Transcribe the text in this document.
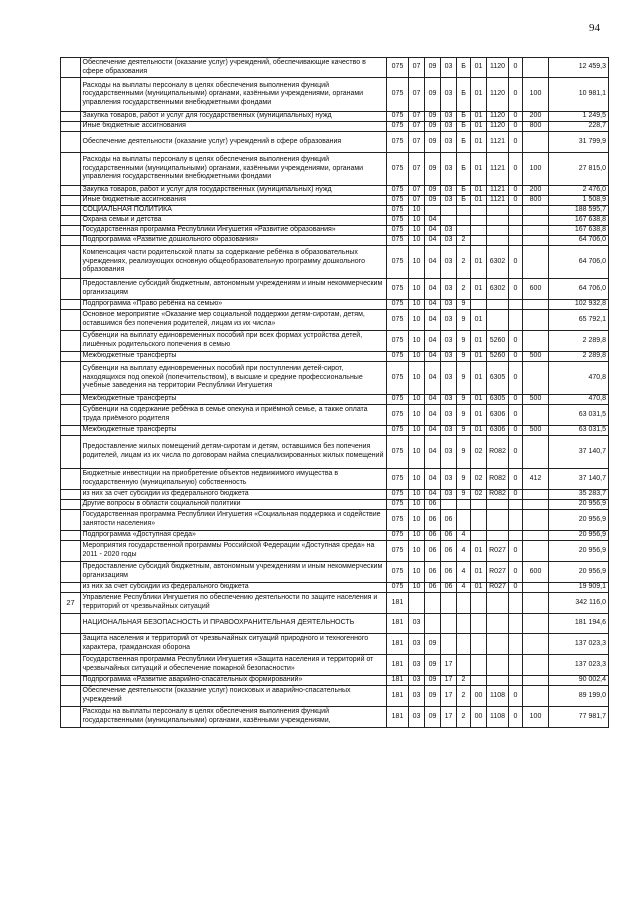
94
	Обеспечение деятельности (оказание услуг) учреждений, обеспечивающие качество в сфере образования	075	07	09	03	Б	01	1120	0		12 459,3
	Расходы на выплаты персоналу в целях обеспечения выполнения функций государственными (муниципальными) органами, казёнными учреждениями, органами управления государственными внебюджетными фондами	075	07	09	03	Б	01	1120	0	100	10 981,1
	Закупка товаров, работ и услуг для государственных (муниципальных) нужд	075	07	09	03	Б	01	1120	0	200	1 249,5
	Иные бюджетные ассигнования	075	07	09	03	Б	01	1120	0	800	228,7
	Обеспечение деятельности (оказание услуг) учреждений в сфере образования	075	07	09	03	Б	01	1121	0		31 799,9
	Расходы на выплаты персоналу в целях обеспечения выполнения функций государственными (муниципальными) органами, казёнными учреждениями, органами управления государственными внебюджетными фондами	075	07	09	03	Б	01	1121	0	100	27 815,0
	Закупка товаров, работ и услуг для государственных (муниципальных) нужд	075	07	09	03	Б	01	1121	0	200	2 476,0
	Иные бюджетные ассигнования	075	07	09	03	Б	01	1121	0	800	1 508,9
	СОЦИАЛЬНАЯ ПОЛИТИКА	075	10								188 595,7
	Охрана семьи и детства	075	10	04							167 638,8
	Государственная программа Республики Ингушетия «Развитие образования»	075	10	04	03						167 638,8
	Подпрограмма «Развитие дошкольного образования»	075	10	04	03	2					64 706,0
	Компенсация части родительской платы за содержание ребёнка в образовательных учреждениях, реализующих основную общеобразовательную программу дошкольного образования	075	10	04	03	2	01	6302	0		64 706,0
	Предоставление субсидий бюджетным, автономным учреждениям и иным некоммерческим организациям	075	10	04	03	2	01	6302	0	600	64 706,0
	Подпрограмма «Право ребёнка на семью»	075	10	04	03	9					102 932,8
	Основное мероприятие «Оказание мер социальной поддержки детям-сиротам, детям, оставшимся без попечения родителей, лицам из их числа»	075	10	04	03	9	01				65 792,1
	Субвенции на выплату единовременных пособий при всех формах устройства детей, лишённых родительского попечения в семью	075	10	04	03	9	01	5260	0		2 289,8
	Межбюджетные трансферты	075	10	04	03	9	01	5260	0	500	2 289,8
	Субвенции на выплату единовременных пособий при поступлении детей-сирот, находящихся под опекой (попечительством), в высшие и средние профессиональные учебные заведения на территории Республики Ингушетия	075	10	04	03	9	01	6305	0		470,8
	Межбюджетные трансферты	075	10	04	03	9	01	6305	0	500	470,8
	Субвенции на содержание ребёнка в семье опекуна и приёмной семье, а также оплата труда приёмного родителя	075	10	04	03	9	01	6306	0		63 031,5
	Межбюджетные трансферты	075	10	04	03	9	01	6306	0	500	63 031,5
	Предоставление жилых помещений детям-сиротам и детям, оставшимся без попечения родителей, лицам из их числа по договорам найма специализированных жилых помещений	075	10	04	03	9	02	R082	0		37 140,7
	Бюджетные инвестиции на приобретение объектов недвижимого имущества в государственную (муниципальную) собственность	075	10	04	03	9	02	R082	0	412	37 140,7
	из них за счет субсидии из федерального бюджета	075	10	04	03	9	02	R082	0		35 283,7
	Другие вопросы в области социальной политики	075	10	06							20 956,9
	Государственная программа Республики Ингушетия «Социальная поддержка и содействие занятости населения»	075	10	06	06						20 956,9
	Подпрограмма «Доступная среда»	075	10	06	06	4					20 956,9
	Мероприятия государственной программы Российской Федерации «Доступная среда» на 2011 - 2020 годы	075	10	06	06	4	01	R027	0		20 956,9
	Предоставление субсидий бюджетным, автономным учреждениям и иным некоммерческим организациям	075	10	06	06	4	01	R027	0	600	20 956,9
	из них за счет субсидии из федерального бюджета	075	10	06	06	4	01	R027	0		19 909,1
27	Управление Республики Ингушетия по обеспечению деятельности по защите населения и территорий от чрезвычайных ситуаций	181									342 116,0
	НАЦИОНАЛЬНАЯ БЕЗОПАСНОСТЬ И ПРАВООХРАНИТЕЛЬНАЯ ДЕЯТЕЛЬНОСТЬ	181	03								181 194,6
	Защита населения и территорий от чрезвычайных ситуаций природного и техногенного характера, гражданская оборона	181	03	09							137 023,3
	Государственная программа Республики Ингушетия «Защита населения и территорий от чрезвычайных ситуаций и обеспечение пожарной безопасности»	181	03	09	17						137 023,3
	Подпрограмма «Развитие аварийно-спасательных формирований»	181	03	09	17	2					90 002,4
	Обеспечение деятельности (оказание услуг) поисковых и аварийно-спасательных учреждений	181	03	09	17	2	00	1108	0		89 199,0
	Расходы на выплаты персоналу в целях обеспечения выполнения функций государственными (муниципальными) органами, казёнными учреждениями,	181	03	09	17	2	00	1108	0	100	77 981,7
